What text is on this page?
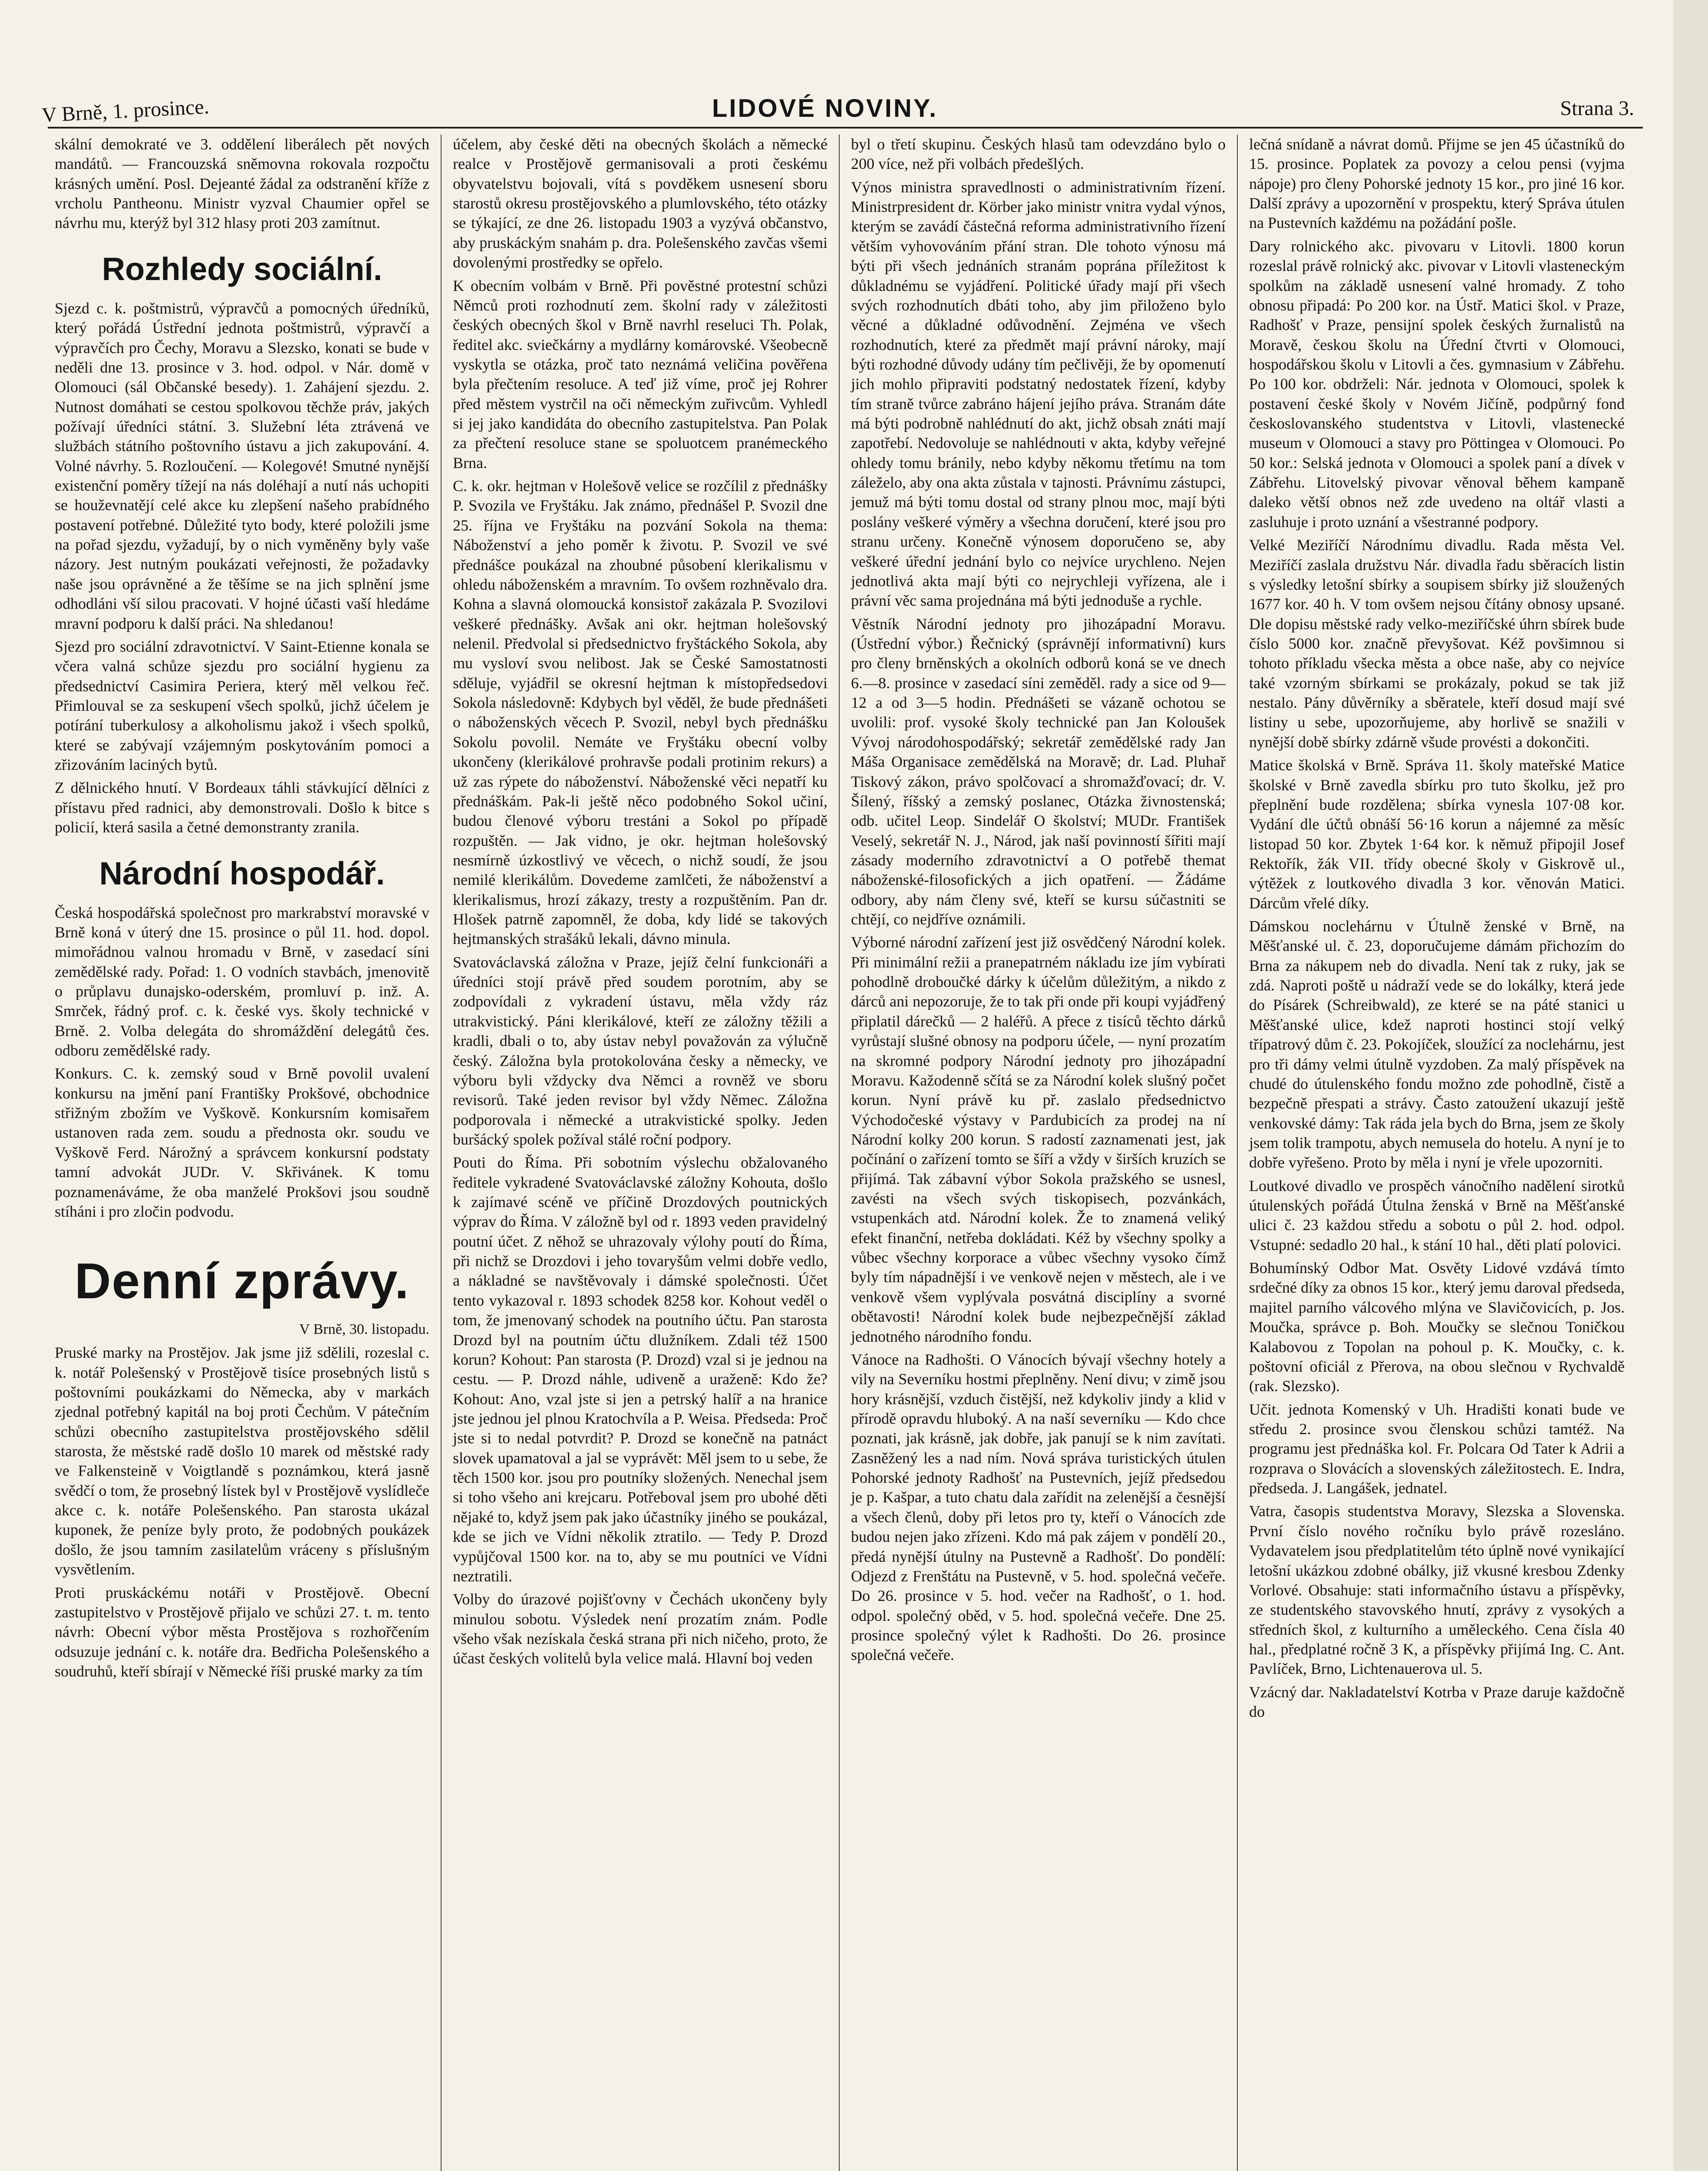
V Brně, 1. prosince.	LIDOVÉ NOVINY.	Strana 3.

skální demokraté ve 3. oddělení liberálech pět nových mandátů. — Francouzská sněmovna rokovala rozpočtu krásných umění. Posl. Dejeanté žádal za odstranění kříže z vrcholu Pantheonu. Ministr vyzval Chaumier opřel se návrhu mu, kterýž byl 312 hlasy proti 203 zamítnut.

Rozhledy sociální.

Sjezd c. k. poštmistrů, výpravčů a pomocných úředníků, který pořádá Ústřední jednota poštmistrů, výpravčí a výpravčích pro Čechy, Moravu a Slezsko, konati se bude v neděli dne 13. prosince v 3. hod. odpol. v Nár. domě v Olomouci (sál Občanské besedy). 1. Zahájení sjezdu. 2. Nutnost domáhati se cestou spolkovou těchže práv, jakých požívají úředníci státní. 3. Služební léta ztrávená ve službách státního poštovního ústavu a jich zakupování. 4. Volné návrhy. 5. Rozloučení. — Kolegové! Smutné nynější existenční poměry tížejí na nás doléhají a nutí nás uchopiti se houževnatějí celé akce ku zlepšení našeho prabídného postavení potřebné. Důležité tyto body, které položili jsme na pořad sjezdu, vyžadují, by o nich vyměněny byly vaše názory. Jest nutným poukázati veřejnosti, že požadavky naše jsou oprávněné a že těšíme se na jich splnění jsme odhodláni vší silou pracovati. V hojné účasti vaší hledáme mravní podporu k další práci. Na shledanou!

Sjezd pro sociální zdravotnictví. V Saint-Etienne konala se včera valná schůze sjezdu pro sociální hygienu za předsednictví Casimira Periera, který měl velkou řeč. Přimlouval se za seskupení všech spolků, jichž účelem je potírání tuberkulosy a alkoholismu jakož i všech spolků, které se zabývají vzájemným poskytováním pomoci a zřizováním laciných bytů.

Z dělnického hnutí. V Bordeaux táhli stávkující dělníci z přístavu před radnici, aby demonstrovali. Došlo k bitce s policií, která sasila a četné demonstranty zranila.

Národní hospodář.

Česká hospodářská společnost pro markrabství moravské v Brně koná v úterý dne 15. prosince o půl 11. hod. dopol. mimořádnou valnou hromadu v Brně, v zasedací síni zemědělské rady. Pořad: 1. O vodních stavbách, jmenovitě o průplavu dunajsko-oderském, promluví p. inž. A. Smrček, řádný prof. c. k. české vys. školy technické v Brně. 2. Volba delegáta do shromáždění delegátů čes. odboru zemědělské rady.

Konkurs. C. k. zemský soud v Brně povolil uvalení konkursu na jmění paní Františky Prokšové, obchodnice střižným zbožím ve Vyškově. Konkursním komisařem ustanoven rada zem. soudu a přednosta okr. soudu ve Vyškově Ferd. Nárožný a správcem konkursní podstaty tamní advokát JUDr. V. Skřivánek. K tomu poznamenáváme, že oba manželé Prokšovi jsou soudně stíháni i pro zločin podvodu.

Denní zprávy.
V Brně, 30. listopadu.

Pruské marky na Prostějov. Jak jsme již sdělili, rozeslal c. k. notář Polešenský v Prostějově tisíce prosebných listů s poštovními poukázkami do Německa, aby v markách zjednal potřebný kapitál na boj proti Čechům. V pátečním schůzi obecního zastupitelstva prostějovského sdělil starosta, že městské radě došlo 10 marek od městské rady ve Falkensteině v Voigtlandě s poznámkou, která jasně svědčí o tom, že prosebný lístek byl v Prostějově vyslídleče akce c. k. notáře Polešenského. Pan starosta ukázal kuponek, že peníze byly proto, že podobných poukázek došlo, že jsou tamním zasilatelům vráceny s příslušným vysvětlením.

Proti pruskáckému notáři v Prostějově. Obecní zastupitelstvo v Prostějově přijalo ve schůzi 27. t. m. tento návrh: Obecní výbor města Prostějova s rozhořčením odsuzuje jednání c. k. notáře dra. Bedřicha Polešenského a soudruhů, kteří sbírají v Německé říši pruské marky za tím

účelem, aby české děti na obecných školách a německé realce v Prostějově germanisovali a proti českému obyvatelstvu bojovali, vítá s povděkem usnesení sboru starostů okresu prostějovského a plumlovského, této otázky se týkající, ze dne 26. listopadu 1903 a vyzývá občanstvo, aby pruskáckým snahám p. dra. Polešenského zavčas všemi dovolenými prostředky se opřelo.

K obecním volbám v Brně. Při pověstné protestní schůzi Němců proti rozhodnutí zem. školní rady v záležitosti českých obecných škol v Brně navrhl reseluci Th. Polak, ředitel akc. sviečkárny a mydlárny komárovské. Všeobecně vyskytla se otázka, proč tato neznámá veličina pověřena byla přečtením resoluce. A teď již víme, proč jej Rohrer před městem vystrčil na oči německým zuřivcům. Vyhledl si jej jako kandidáta do obecního zastupitelstva. Pan Polak za přečtení resoluce stane se spoluotcem pranémeckého Brna.

C. k. okr. hejtman v Holešově velice se rozčílil z přednášky P. Svozila ve Fryštáku. Jak známo, přednášel P. Svozil dne 25. října ve Fryštáku na pozvání Sokola na thema: Náboženství a jeho poměr k životu. P. Svozil ve své přednášce poukázal na zhoubné působení klerikalismu v ohledu náboženském a mravním. To ovšem rozhněvalo dra. Kohna a slavná olomoucká konsistoř zakázala P. Svozilovi veškeré přednášky. Avšak ani okr. hejtman holešovský nelenil. Předvolal si předsednictvo fryštáckého Sokola, aby mu vysloví svou nelibost. Jak se České Samostatnosti sděluje, vyjádřil se okresní hejtman k místopředsedovi Sokola následovně: Kdybych byl věděl, že bude přednášeti o náboženských věcech P. Svozil, nebyl bych přednášku Sokolu povolil. Nemáte ve Fryštáku obecní volby ukončeny (klerikálové prohravše podali protinim rekurs) a už zas rýpete do náboženství. Náboženské věci nepatří ku přednáškám. Pak-li ještě něco podobného Sokol učiní, budou členové výboru trestáni a Sokol po případě rozpuštěn. — Jak vidno, je okr. hejtman holešovský nesmírně úzkostlivý ve věcech, o nichž soudí, že jsou nemilé klerikálům. Dovedeme zamlčeti, že náboženství a klerikalismus, hrozí zákazy, tresty a rozpuštěním. Pan dr. Hlošek patrně zapomněl, že doba, kdy lidé se takových hejtmanských strašáků lekali, dávno minula.

Svatováclavská záložna v Praze, jejíž čelní funkcionáři a úředníci stojí právě před soudem porotním, aby se zodpovídali z vykradení ústavu, měla vždy ráz utrakvistický. Páni klerikálové, kteří ze záložny těžili a kradli, dbali o to, aby ústav nebyl považován za výlučně český. Záložna byla protokolována česky a německy, ve výboru byli vždycky dva Němci a rovněž ve sboru revisorů. Také jeden revisor byl vždy Němec. Záložna podporovala i německé a utrakvistické spolky. Jeden buršácký spolek požíval stálé roční podpory.

Pouti do Říma. Při sobotním výslechu obžalovaného ředitele vykradené Svatováclavské záložny Kohouta, došlo k zajímavé scéně ve příčině Drozdových poutnických výprav do Říma. V záložně byl od r. 1893 veden pravidelný poutní účet. Z něhož se uhrazovaly výlohy poutí do Říma, při nichž se Drozdovi i jeho tovaryšům velmi dobře vedlo, a nákladné se navštěvovaly i dámské společnosti. Účet tento vykazoval r. 1893 schodek 8258 kor. Kohout veděl o tom, že jmenovaný schodek na poutního účtu. Pan starosta Drozd byl na poutním účtu dlužníkem. Zdali též 1500 korun? Kohout: Pan starosta (P. Drozd) vzal si je jednou na cestu. — P. Drozd náhle, udiveně a uraženě: Kdo že? Kohout: Ano, vzal jste si jen a petrský halíř a na hranice jste jednou jel plnou Kratochvíla a P. Weisa. Předseda: Proč jste si to nedal potvrdit? P. Drozd se konečně na patnáct slovek upamatoval a jal se vyprávět: Měl jsem to u sebe, že těch 1500 kor. jsou pro poutníky složených. Nenechal jsem si toho všeho ani krejcaru. Potřeboval jsem pro ubohé děti nějaké to, když jsem pak jako účastníky jiného se poukázal, kde se jich ve Vídni několik ztratilo. — Tedy P. Drozd vypůjčoval 1500 kor. na to, aby se mu poutníci ve Vídni neztratili.

Volby do úrazové pojišťovny v Čechách ukončeny byly minulou sobotu. Výsledek není prozatím znám. Podle všeho však nezískala česká strana při nich ničeho, proto, že účast českých volitelů byla velice malá. Hlavní boj veden

byl o třetí skupinu. Českých hlasů tam odevzdáno bylo o 200 více, než při volbách předešlých.

Výnos ministra spravedlnosti o administrativním řízení. Ministrpresident dr. Körber jako ministr vnitra vydal výnos, kterým se zavádí částečná reforma administrativního řízení větším vyhovováním přání stran. Dle tohoto výnosu má býti při všech jednáních stranám poprána příležitost k důkladnému se vyjádření. Politické úřady mají při všech svých rozhodnutích dbáti toho, aby jim přiloženo bylo věcné a důkladné odůvodnění. Zejména ve všech rozhodnutích, které za předmět mají právní nároky, mají býti rozhodné důvody udány tím pečlivěji, že by opomenutí jich mohlo připraviti podstatný nedostatek řízení, kdyby tím straně tvůrce zabráno hájení jejího práva. Stranám dáte má býti podrobně nahlédnutí do akt, jichž obsah znáti mají zapotřebí. Nedovoluje se nahlédnouti v akta, kdyby veřejné ohledy tomu bránily, nebo kdyby někomu třetímu na tom záleželo, aby ona akta zůstala v tajnosti. Právnímu zástupci, jemuž má býti tomu dostal od strany plnou moc, mají býti poslány veškeré výměry a všechna doručení, které jsou pro stranu určeny. Konečně výnosem doporučeno se, aby veškeré úřední jednání bylo co nejvíce urychleno. Nejen jednotlivá akta mají býti co nejrychleji vyřízena, ale i právní věc sama projednána má býti jednoduše a rychle.

Věstník Národní jednoty pro jihozápadní Moravu. (Ústřední výbor.) Řečnický (správnějí informativní) kurs pro členy brněnských a okolních odborů koná se ve dnech 6.—8. prosince v zasedací síni zeměděl. rady a sice od 9—12 a od 3—5 hodin. Přednášeti se vázaně ochotou se uvolili: prof. vysoké školy technické pan Jan Koloušek Vývoj národohospodářský; sekretář zemědělské rady Jan Máša Organisace zemědělská na Moravě; dr. Lad. Pluhař Tiskový zákon, právo spolčovací a shromažďovací; dr. V. Šílený, říšský a zemský poslanec, Otázka živnostenská; odb. učitel Leop. Sindelář O školství; MUDr. František Veselý, sekretář N. J., Národ, jak naší povinností šířiti mají zásady moderního zdravotnictví a O potřebě themat náboženské-filosofických a jich opatření. — Žádáme odbory, aby nám členy své, kteří se kursu súčastniti se chtějí, co nejdříve oznámili.

Výborné národní zařízení jest již osvědčený Národní kolek. Při minimální režii a pranepatrném nákladu ize jím vybírati pohodlně droboučké dárky k účelům důležitým, a nikdo z dárců ani nepozoruje, že to tak při onde při koupi vyjádřený připlatil dárečků — 2 haléřů. A přece z tisíců těchto dárků vyrůstají slušné obnosy na podporu účele, — nyní prozatím na skromné podpory Národní jednoty pro jihozápadní Moravu. Kažodenně sčítá se za Národní kolek slušný počet korun. Nyní právě ku př. zaslalo předsednictvo Východočeské výstavy v Pardubicích za prodej na ní Národní kolky 200 korun. S radostí zaznamenati jest, jak počínání o zařízení tomto se šíří a vždy v širších kruzích se přijímá. Tak zábavní výbor Sokola pražského se usnesl, zavésti na všech svých tiskopisech, pozvánkách, vstupenkách atd. Národní kolek. Že to znamená veliký efekt finanční, netřeba dokládati. Kéž by všechny spolky a vůbec všechny korporace a vůbec všechny vysoko čímž byly tím nápadnější i ve venkově nejen v městech, ale i ve venkově všem vyplývala posvátná disciplíny a svorné obětavosti! Národní kolek bude nejbezpečnější základ jednotného národního fondu.

Vánoce na Radhošti. O Vánocích bývají všechny hotely a vily na Severníku hostmi přeplněny. Není divu; v zimě jsou hory krásnější, vzduch čistější, než kdykoliv jindy a klid v přírodě opravdu hluboký. A na naší severníku — Kdo chce poznati, jak krásně, jak dobře, jak panují se k nim zavítati. Zasněžený les a nad ním. Nová správa turistických útulen Pohorské jednoty Radhošť na Pustevních, jejíž předsedou je p. Kašpar, a tuto chatu dala zařídit na zelenější a česnější a všech členů, doby při letos pro ty, kteří o Vánocích zde budou nejen jako zřízeni. Kdo má pak zájem v pondělí 20., předá nynější útulny na Pustevně a Radhošť. Do pondělí: Odjezd z Frenštátu na Pustevně, v 5. hod. společná večeře. Do 26. prosince v 5. hod. večer na Radhošť, o 1. hod. odpol. společný oběd, v 5. hod. společná večeře. Dne 25. prosince společný výlet k Radhošti. Do 26. prosince společná večeře.

lečná snídaně a návrat domů. Přijme se jen 45 účastníků do 15. prosince. Poplatek za povozy a celou pensi (vyjma nápoje) pro členy Pohorské jednoty 15 kor., pro jiné 16 kor. Další zprávy a upozornění v prospektu, který Správa útulen na Pustevních každému na požádání pošle.

Dary rolnického akc. pivovaru v Litovli. 1800 korun rozeslal právě rolnický akc. pivovar v Litovli vlasteneckým spolkům na základě usnesení valné hromady. Z toho obnosu připadá: Po 200 kor. na Ústř. Matici škol. v Praze, Radhošť v Praze, pensijní spolek českých žurnalistů na Moravě, českou školu na Úřední čtvrti v Olomouci, hospodářskou školu v Litovli a čes. gymnasium v Zábřehu. Po 100 kor. obdrželi: Nár. jednota v Olomouci, spolek k postavení české školy v Novém Jičíně, podpůrný fond českoslovanského studentstva v Litovli, vlastenecké museum v Olomouci a stavy pro Pöttingea v Olomouci. Po 50 kor.: Selská jednota v Olomouci a spolek paní a dívek v Zábřehu. Litovelský pivovar věnoval během kampaně daleko větší obnos než zde uvedeno na oltář vlasti a zasluhuje i proto uznání a všestranné podpory.

Velké Meziříčí Národnímu divadlu. Rada města Vel. Meziříčí zaslala družstvu Nár. divadla řadu sběracích listin s výsledky letošní sbírky a soupisem sbírky již sloužených 1677 kor. 40 h. V tom ovšem nejsou čítány obnosy upsané. Dle dopisu městské rady velko-meziříčské úhrn sbírek bude číslo 5000 kor. značně převyšovat. Kéž povšimnou si tohoto příkladu všecka města a obce naše, aby co nejvíce také vzorným sbírkami se prokázaly, pokud se tak již nestalo. Pány důvěrníky a sběratele, kteří dosud mají své listiny u sebe, upozorňujeme, aby horlivě se snažili v nynější době sbírky zdárně všude provésti a dokončiti.

Matice školská v Brně. Správa 11. školy mateřské Matice školské v Brně zavedla sbírku pro tuto školku, jež pro přeplnění bude rozdělena; sbírka vynesla 107·08 kor. Vydání dle účtů obnáší 56·16 korun a nájemné za měsíc listopad 50 kor. Zbytek 1·64 kor. k němuž připojil Josef Rektořík, žák VII. třídy obecné školy v Giskrově ul., výtěžek z loutkového divadla 3 kor. věnován Matici. Dárcům vřelé díky.

Dámskou noclehárnu v Útulně ženské v Brně, na Měšťanské ul. č. 23, doporučujeme dámám přichozím do Brna za nákupem neb do divadla. Není tak z ruky, jak se zdá. Naproti poště u nádraží vede se do lokálky, která jede do Písárek (Schreibwald), ze které se na páté stanici u Měšťanské ulice, kdež naproti hostinci stojí velký třípatrový dům č. 23. Pokojíček, sloužící za noclehárnu, jest pro tři dámy velmi útulně vyzdoben. Za malý příspěvek na chudé do útulenského fondu možno zde pohodlně, čistě a bezpečně přespati a strávy. Často zatoužení ukazují ještě venkovské dámy: Tak ráda jela bych do Brna, jsem ze školy jsem tolik trampotu, abych nemusela do hotelu. A nyní je to dobře vyřešeno. Proto by měla i nyní je vřele upozorniti.

Loutkové divadlo ve prospěch vánočního nadělení sirotků útulenských pořádá Útulna ženská v Brně na Měšťanské ulici č. 23 každou středu a sobotu o půl 2. hod. odpol. Vstupné: sedadlo 20 hal., k stání 10 hal., děti platí polovici.

Bohumínský Odbor Mat. Osvěty Lidové vzdává tímto srdečné díky za obnos 15 kor., který jemu daroval předseda, majitel parního válcového mlýna ve Slavičovicích, p. Jos. Moučka, správce p. Boh. Moučky se slečnou Toničkou Kalabovou z Topolan na pohoul p. K. Moučky, c. k. poštovní oficiál z Přerova, na obou slečnou v Rychvaldě (rak. Slezsko).

Učit. jednota Komenský v Uh. Hradišti konati bude ve středu 2. prosince svou členskou schůzi tamtéž. Na programu jest přednáška kol. Fr. Polcara Od Tater k Adrii a rozprava o Slovácích a slovenských záležitostech. E. Indra, předseda. J. Langášek, jednatel.

Vatra, časopis studentstva Moravy, Slezska a Slovenska. První číslo nového ročníku bylo právě rozesláno. Vydavatelem jsou předplatitelům této úplně nové vynikající letošní ukázkou zdobné obálky, již vkusné kresbou Zdenky Vorlové. Obsahuje: stati informačního ústavu a příspěvky, ze studentského stavovského hnutí, zprávy z vysokých a středních škol, z kulturního a uměleckého. Cena čísla 40 hal., předplatné ročně 3 K, a příspěvky přijímá Ing. C. Ant. Pavlíček, Brno, Lichtenauerova ul. 5.

Vzácný dar. Nakladatelství Kotrba v Praze daruje každočně do
